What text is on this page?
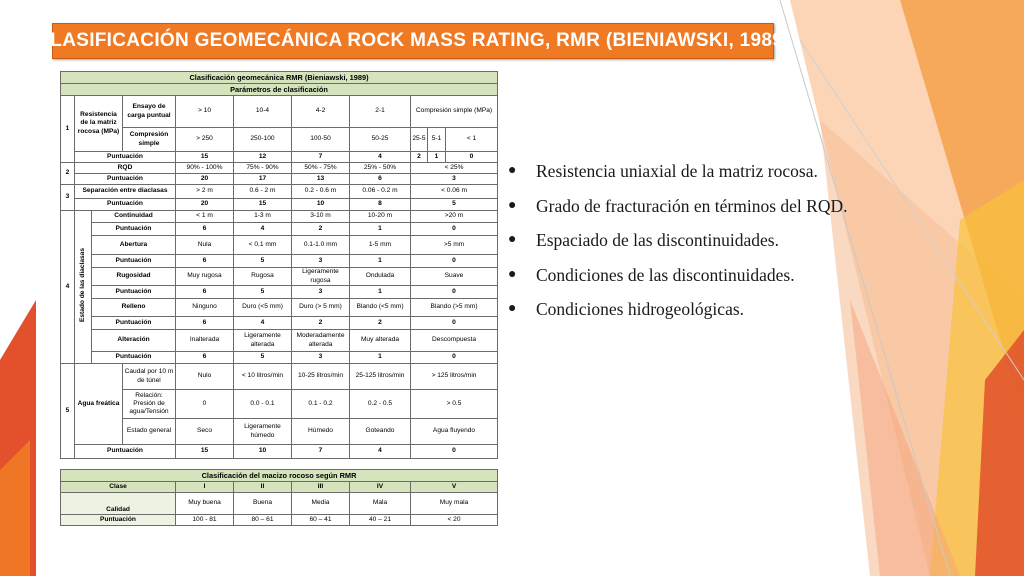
CLASIFICACIÓN GEOMECÁNICA ROCK MASS RATING, RMR (BIENIAWSKI, 1989)
Clasificación geomecánica RMR (Bieniawski, 1989)										
Parámetros de clasificación										
1	Resistencia de la matriz rocosa (MPa)		Ensayo de carga puntual	> 10	10-4	4-2	2-1	Compresión simple (MPa)		
			Compresión simple	> 250	250-100	100-50	50-25	25-5	5-1	< 1
	Puntuación			15	12	7	4	2	1	0
2	RQD			90% - 100%	75% - 90%	50% - 75%	25% - 50%	< 25%		
	Puntuación			20	17	13	6	3		
3	Separación entre diaclasas			> 2 m	0.6 - 2 m	0.2 - 0.6 m	0.06 - 0.2 m	< 0.06 m		
	Puntuación			20	15	10	8	5		
4	Estado de las diaclasas	Continuidad		< 1 m	1-3 m	3-10 m	10-20 m	>20 m		
		Puntuación		6	4	2	1	0		
		Abertura		Nula	< 0.1 mm	0.1-1.0 mm	1-5 mm	>5 mm		
		Puntuación		6	5	3	1	0		
		Rugosidad		Muy rugosa	Rugosa	Ligeramente rugosa	Ondulada	Suave		
		Puntuación		6	5	3	1	0		
		Relleno		Ninguno	Duro (<5 mm)	Duro (> 5 mm)	Blando (<5 mm)	Blando (>5 mm)		
		Puntuación		6	4	2	2	0		
		Alteración		Inalterada	Ligeramente alterada	Moderadamente alterada	Muy alterada	Descompuesta		
		Puntuación		6	5	3	1	0		
5	Agua freática		Caudal por 10 m de túnel	Nulo	< 10 litros/min	10-25 litros/min	25-125 litros/min	> 125 litros/min		
			Relación: Presión de agua/Tensión	0	0.0 - 0.1	0.1 - 0.2	0.2 - 0.5	> 0.5		
			Estado general	Seco	Ligeramente húmedo	Húmedo	Goteando	Agua fluyendo		
	Puntuación			15	10	7	4	0		

Clasificación del macizo rocoso según RMR										
Clase				I	II	III	IV	V		
Calidad				Muy buena	Buena	Media	Mala	Muy mala		
Puntuación				100 - 81	80 – 61	60 – 41	40 – 21	< 20		
● Resistencia uniaxial de la matriz rocosa.
● Grado de fracturación en términos del RQD.
● Espaciado de las discontinuidades.
● Condiciones de las discontinuidades.
● Condiciones hidrogeológicas.
